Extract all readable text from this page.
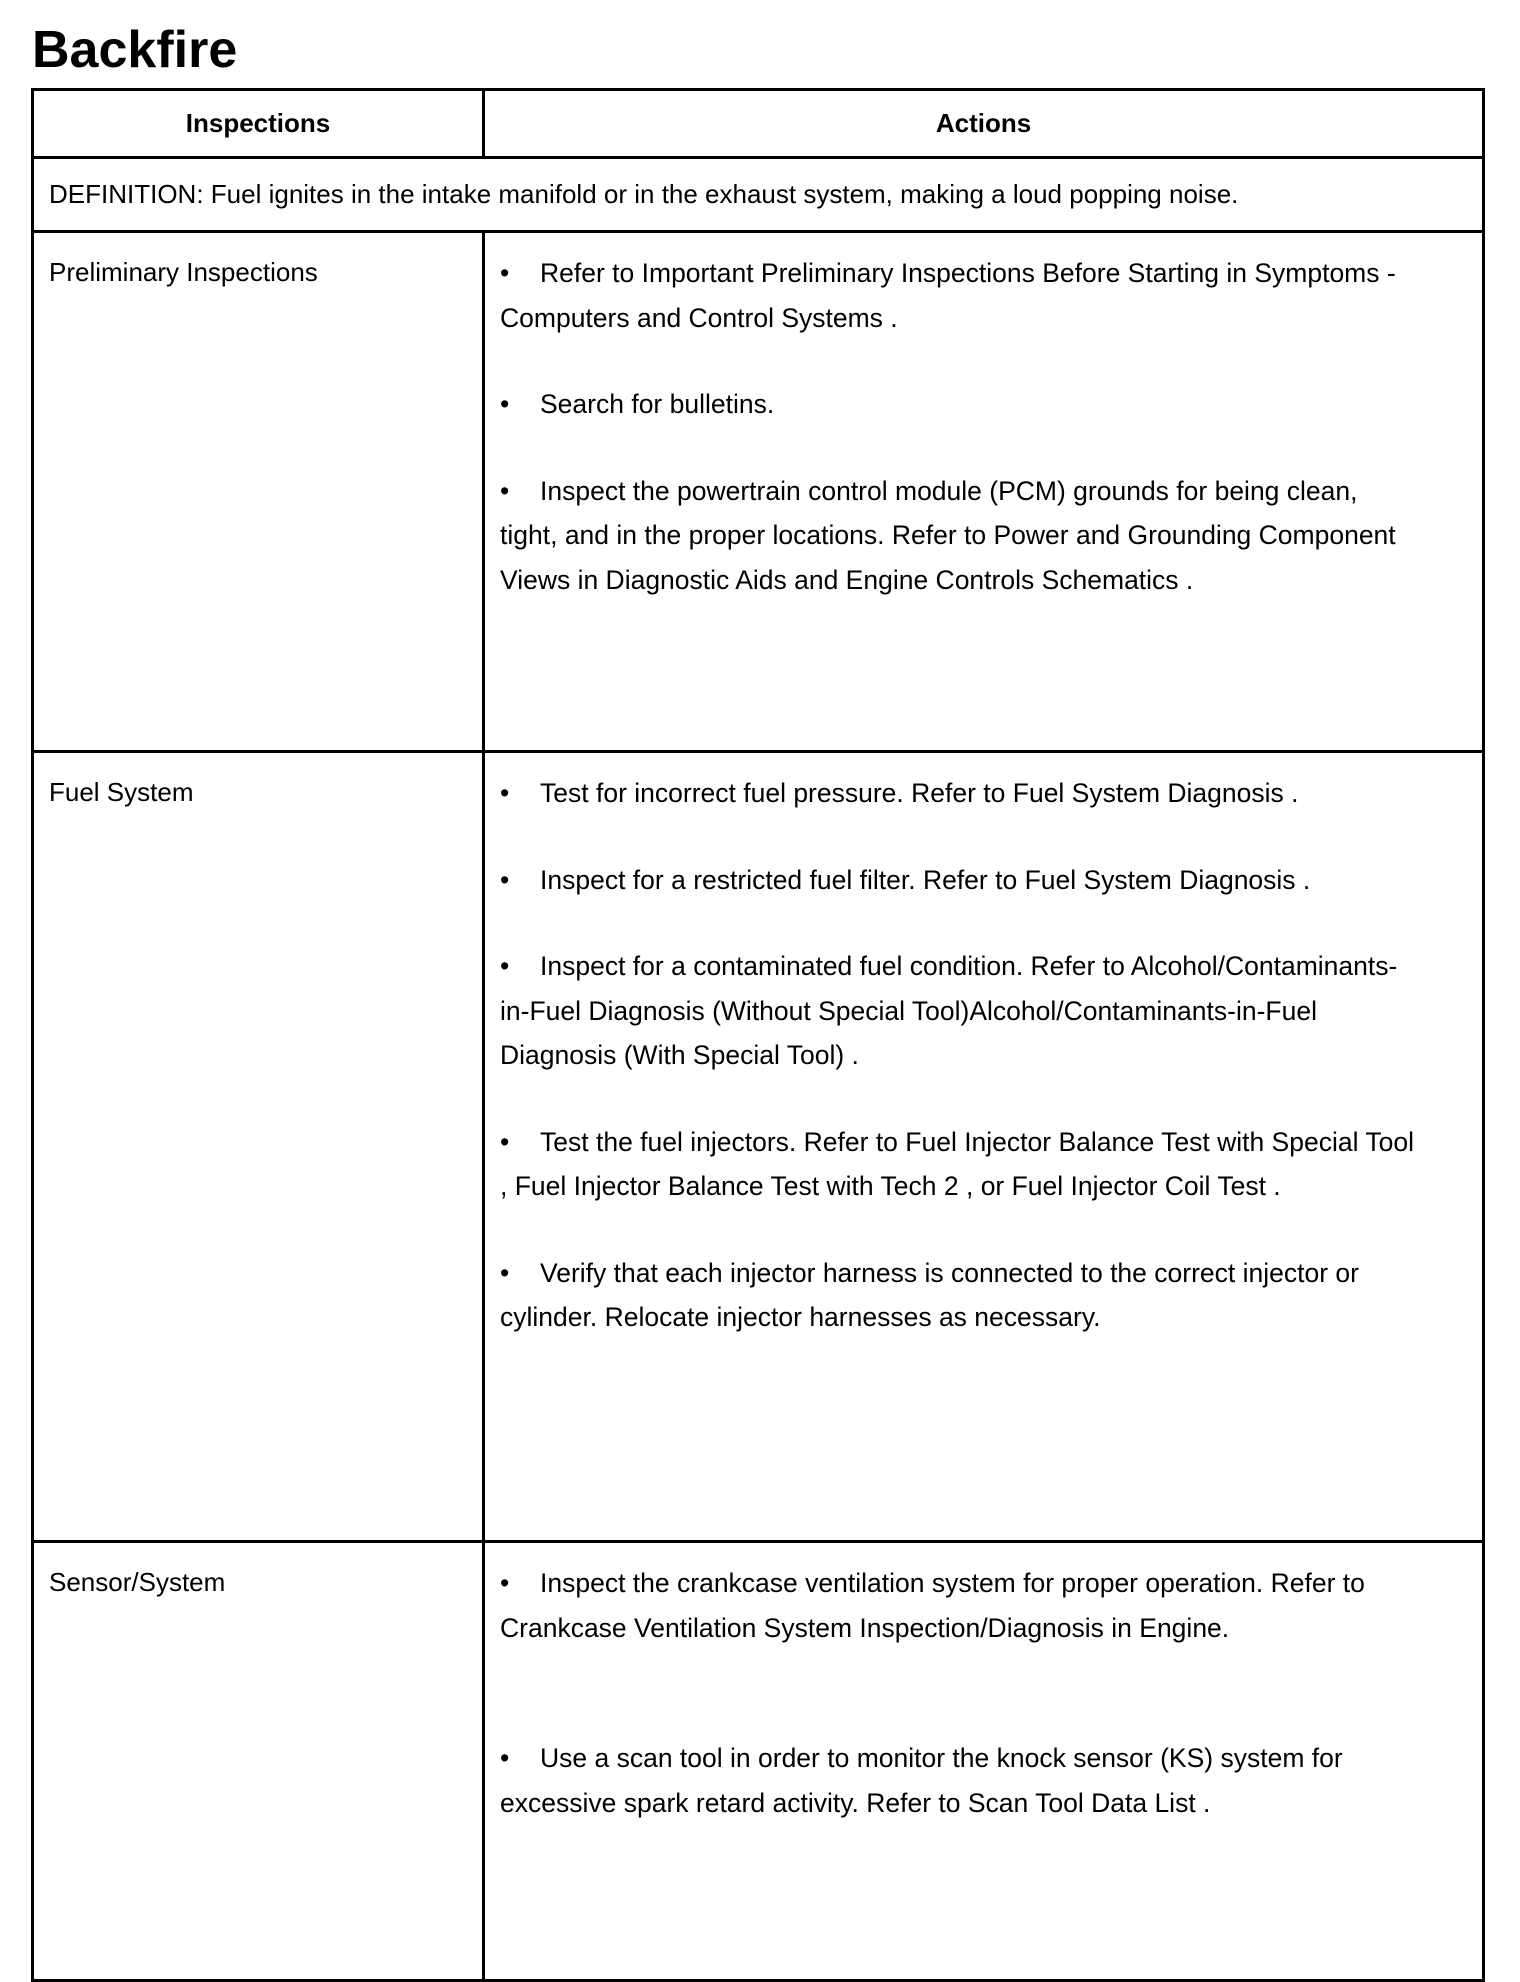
Backfire
Inspections	Actions
DEFINITION: Fuel ignites in the intake manifold or in the exhaust system, making a loud popping noise.	
Preliminary Inspections	• Refer to Important Preliminary Inspections Before Starting in Symptoms - Computers and Control Systems .
• Search for bulletins.
• Inspect the powertrain control module (PCM) grounds for being clean, tight, and in the proper locations. Refer to Power and Grounding Component Views in Diagnostic Aids and Engine Controls Schematics .

Fuel System	• Test for incorrect fuel pressure. Refer to Fuel System Diagnosis .
• Inspect for a restricted fuel filter. Refer to Fuel System Diagnosis .
• Inspect for a contaminated fuel condition. Refer to Alcohol/Contaminants-in-Fuel Diagnosis (Without Special Tool)Alcohol/Contaminants-in-Fuel Diagnosis (With Special Tool) .
• Test the fuel injectors. Refer to Fuel Injector Balance Test with Special Tool , Fuel Injector Balance Test with Tech 2 , or Fuel Injector Coil Test .
• Verify that each injector harness is connected to the correct injector or cylinder. Relocate injector harnesses as necessary.

Sensor/System	• Inspect the crankcase ventilation system for proper operation. Refer to Crankcase Ventilation System Inspection/Diagnosis in Engine.
• Use a scan tool in order to monitor the knock sensor (KS) system for excessive spark retard activity. Refer to Scan Tool Data List .
